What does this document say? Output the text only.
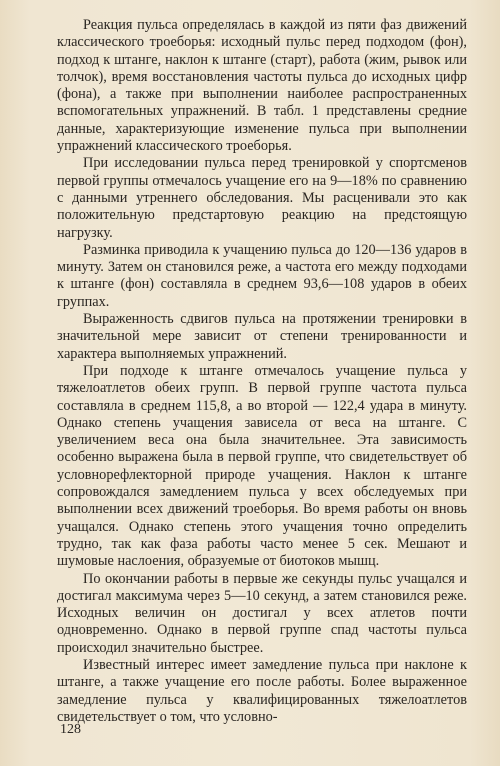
Реакция пульса определялась в каждой из пяти фаз движений классического троеборья: исходный пульс перед подходом (фон), подход к штанге, наклон к штанге (старт), работа (жим, рывок или толчок), время восстановления частоты пульса до исходных цифр (фона), а также при выполнении наиболее распространенных вспомогательных упражнений. В табл. 1 представлены средние данные, характеризующие изменение пульса при выполнении упражнений классического троеборья.

При исследовании пульса перед тренировкой у спортсменов первой группы отмечалось учащение его на 9—18% по сравнению с данными утреннего обследования. Мы расценивали это как положительную предстартовую реакцию на предстоящую нагрузку.

Разминка приводила к учащению пульса до 120—136 ударов в минуту. Затем он становился реже, а частота его между подходами к штанге (фон) составляла в среднем 93,6—108 ударов в обеих группах.

Выраженность сдвигов пульса на протяжении тренировки в значительной мере зависит от степени тренированности и характера выполняемых упражнений.

При подходе к штанге отмечалось учащение пульса у тяжелоатлетов обеих групп. В первой группе частота пульса составляла в среднем 115,8, а во второй — 122,4 удара в минуту. Однако степень учащения зависела от веса на штанге. С увеличением веса она была значительнее. Эта зависимость особенно выражена была в первой группе, что свидетельствует об условнорефлекторной природе учащения. Наклон к штанге сопровождался замедлением пульса у всех обследуемых при выполнении всех движений троеборья. Во время работы он вновь учащался. Однако степень этого учащения точно определить трудно, так как фаза работы часто менее 5 сек. Мешают и шумовые наслоения, образуемые от биотоков мышц.

По окончании работы в первые же секунды пульс учащался и достигал максимума через 5—10 секунд, а затем становился реже. Исходных величин он достигал у всех атлетов почти одновременно. Однако в первой группе спад частоты пульса происходил значительно быстрее.

Известный интерес имеет замедление пульса при наклоне к штанге, а также учащение его после работы. Более выраженное замедление пульса у квалифицированных тяжелоатлетов свидетельствует о том, что условно-

128
